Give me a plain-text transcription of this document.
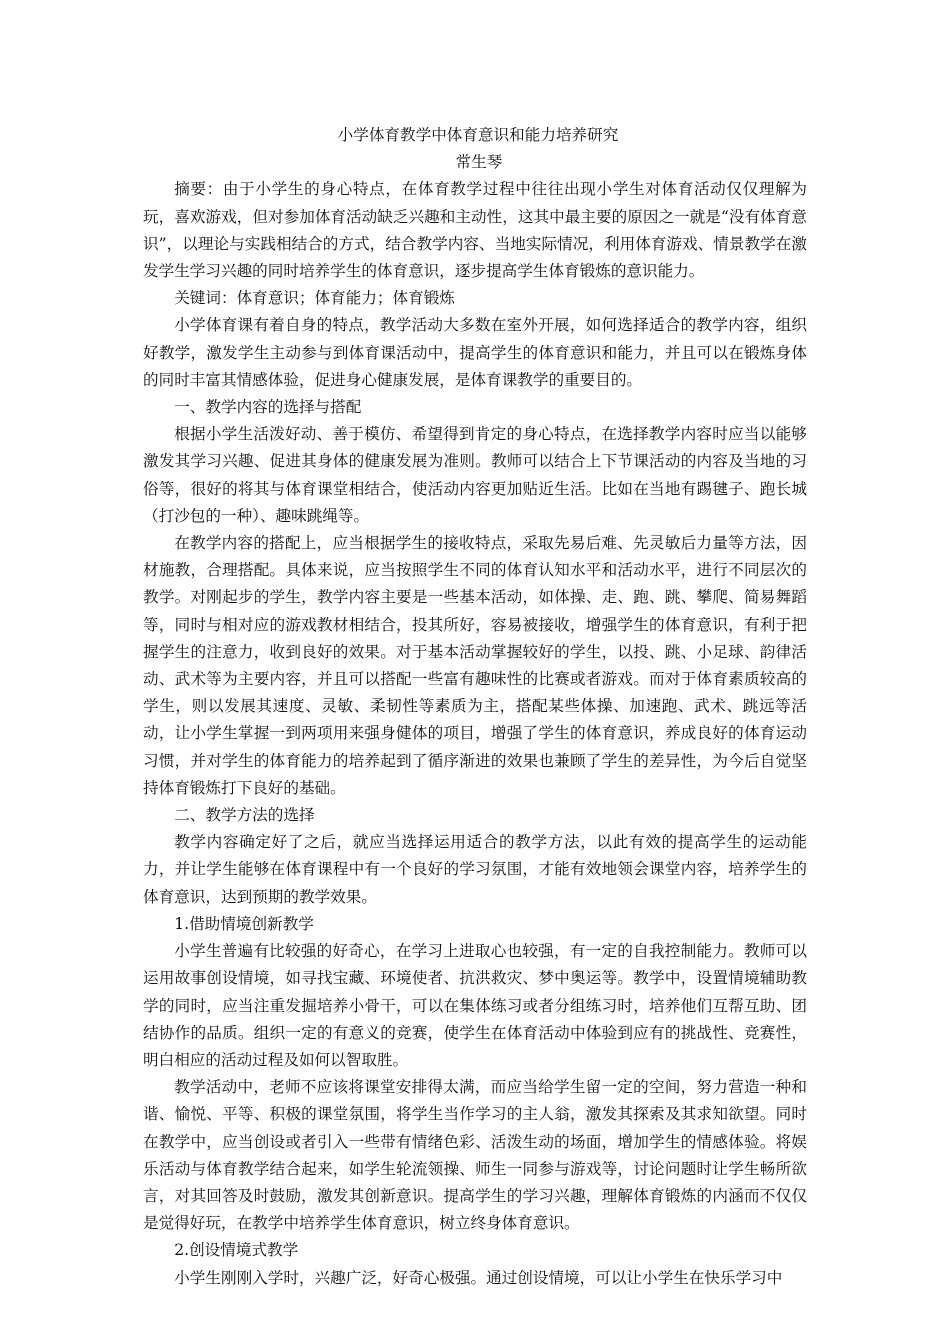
小学体育教学中体育意识和能力培养研究
常生琴

摘要：由于小学生的身心特点，在体育教学过程中往往出现小学生对体育活动仅仅理解为玩，喜欢游戏，但对参加体育活动缺乏兴趣和主动性，这其中最主要的原因之一就是“没有体育意识”，以理论与实践相结合的方式，结合教学内容、当地实际情况，利用体育游戏、情景教学在激发学生学习兴趣的同时培养学生的体育意识，逐步提高学生体育锻炼的意识能力。

关键词：体育意识；体育能力；体育锻炼

小学体育课有着自身的特点，教学活动大多数在室外开展，如何选择适合的教学内容，组织好教学，激发学生主动参与到体育课活动中，提高学生的体育意识和能力，并且可以在锻炼身体的同时丰富其情感体验，促进身心健康发展，是体育课教学的重要目的。

一、教学内容的选择与搭配

根据小学生活泼好动、善于模仿、希望得到肯定的身心特点，在选择教学内容时应当以能够激发其学习兴趣、促进其身体的健康发展为准则。教师可以结合上下节课活动的内容及当地的习俗等，很好的将其与体育课堂相结合，使活动内容更加贴近生活。比如在当地有踢毽子、跑长城（打沙包的一种）、趣味跳绳等。

在教学内容的搭配上，应当根据学生的接收特点，采取先易后难、先灵敏后力量等方法，因材施教，合理搭配。具体来说，应当按照学生不同的体育认知水平和活动水平，进行不同层次的教学。对刚起步的学生，教学内容主要是一些基本活动，如体操、走、跑、跳、攀爬、简易舞蹈等，同时与相对应的游戏教材相结合，投其所好，容易被接收，增强学生的体育意识，有利于把握学生的注意力，收到良好的效果。对于基本活动掌握较好的学生，以投、跳、小足球、韵律活动、武术等为主要内容，并且可以搭配一些富有趣味性的比赛或者游戏。而对于体育素质较高的学生，则以发展其速度、灵敏、柔韧性等素质为主，搭配某些体操、加速跑、武术、跳远等活动，让小学生掌握一到两项用来强身健体的项目，增强了学生的体育意识，养成良好的体育运动习惯，并对学生的体育能力的培养起到了循序渐进的效果也兼顾了学生的差异性，为今后自觉坚持体育锻炼打下良好的基础。

二、教学方法的选择

教学内容确定好了之后，就应当选择运用适合的教学方法，以此有效的提高学生的运动能力，并让学生能够在体育课程中有一个良好的学习氛围，才能有效地领会课堂内容，培养学生的体育意识，达到预期的教学效果。

1.借助情境创新教学

小学生普遍有比较强的好奇心，在学习上进取心也较强，有一定的自我控制能力。教师可以运用故事创设情境，如寻找宝藏、环境使者、抗洪救灾、梦中奥运等。教学中，设置情境辅助教学的同时，应当注重发掘培养小骨干，可以在集体练习或者分组练习时，培养他们互帮互助、团结协作的品质。组织一定的有意义的竞赛，使学生在体育活动中体验到应有的挑战性、竞赛性，明白相应的活动过程及如何以智取胜。

教学活动中，老师不应该将课堂安排得太满，而应当给学生留一定的空间，努力营造一种和谐、愉悦、平等、积极的课堂氛围，将学生当作学习的主人翁，激发其探索及其求知欲望。同时在教学中，应当创设或者引入一些带有情绪色彩、活泼生动的场面，增加学生的情感体验。将娱乐活动与体育教学结合起来，如学生轮流领操、师生一同参与游戏等，讨论问题时让学生畅所欲言，对其回答及时鼓励，激发其创新意识。提高学生的学习兴趣，理解体育锻炼的内涵而不仅仅是觉得好玩，在教学中培养学生体育意识，树立终身体育意识。

2.创设情境式教学

小学生刚刚入学时，兴趣广泛，好奇心极强。通过创设情境，可以让小学生在快乐学习中
